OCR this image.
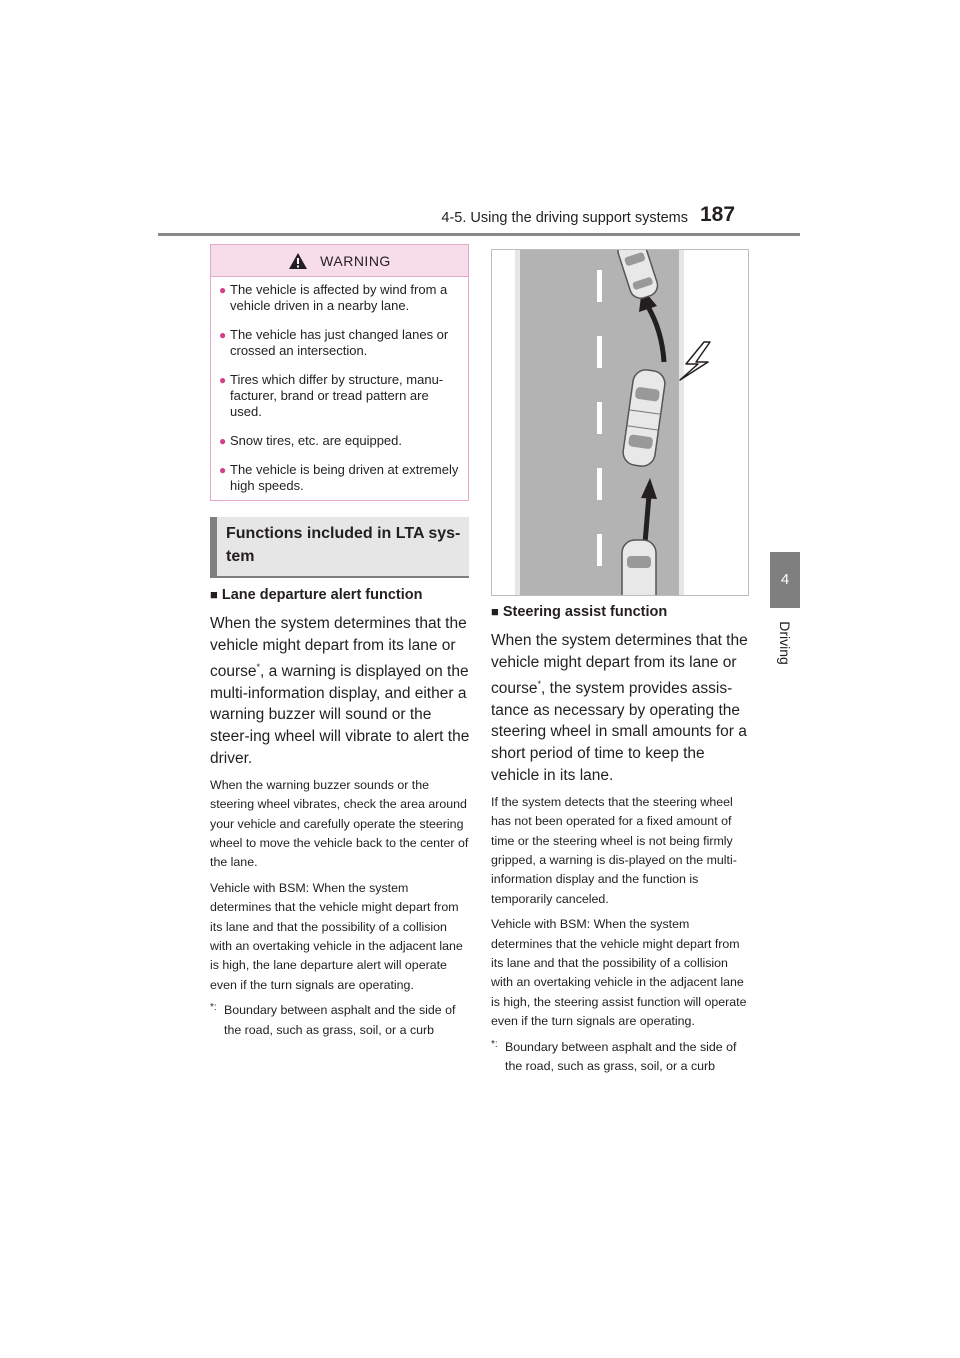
4-5. Using the driving support systems 187
4
Driving
WARNING
● The vehicle is affected by wind from a vehicle driven in a nearby lane.
● The vehicle has just changed lanes or crossed an intersection.
● Tires which differ by structure, manu-facturer, brand or tread pattern are used.
● Snow tires, etc. are equipped.
● The vehicle is being driven at extremely high speeds.
Functions included in LTA sys-
tem
■ Lane departure alert function

When the system determines that the vehicle might depart from its lane or course*, a warning is displayed on the multi-information display, and either a warning buzzer will sound or the steer-ing wheel will vibrate to alert the driver.

When the warning buzzer sounds or the steering wheel vibrates, check the area around your vehicle and carefully operate the steering wheel to move the vehicle back to the center of the lane.

Vehicle with BSM: When the system determines that the vehicle might depart from its lane and that the possibility of a collision with an overtaking vehicle in the adjacent lane is high, the lane departure alert will operate even if the turn signals are operating.

*: Boundary between asphalt and the side of the road, such as grass, soil, or a curb

■ Steering assist function

When the system determines that the vehicle might depart from its lane or course*, the system provides assis-tance as necessary by operating the steering wheel in small amounts for a short period of time to keep the vehicle in its lane.

If the system detects that the steering wheel has not been operated for a fixed amount of time or the steering wheel is not being firmly gripped, a warning is dis-played on the multi-information display and the function is temporarily canceled.

Vehicle with BSM: When the system determines that the vehicle might depart from its lane and that the possibility of a collision with an overtaking vehicle in the adjacent lane is high, the steering assist function will operate even if the turn signals are operating.

*: Boundary between asphalt and the side of the road, such as grass, soil, or a curb
